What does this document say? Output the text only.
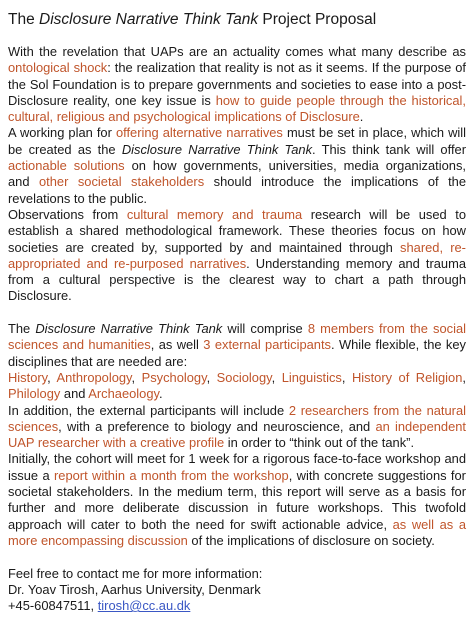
The Disclosure Narrative Think Tank Project Proposal

With the revelation that UAPs are an actuality comes what many describe as ontological shock: the realization that reality is not as it seems. If the purpose of the Sol Foundation is to prepare governments and societies to ease into a post-Disclosure reality, one key issue is how to guide people through the historical, cultural, religious and psychological implications of Disclosure.

A working plan for offering alternative narratives must be set in place, which will be created as the Disclosure Narrative Think Tank. This think tank will offer actionable solutions on how governments, universities, media organizations, and other societal stakeholders should introduce the implications of the revelations to the public.

Observations from cultural memory and trauma research will be used to establish a shared methodological framework. These theories focus on how societies are created by, supported by and maintained through shared, re-appropriated and re-purposed narratives. Understanding memory and trauma from a cultural perspective is the clearest way to chart a path through Disclosure.

The Disclosure Narrative Think Tank will comprise 8 members from the social sciences and humanities, as well 3 external participants. While flexible, the key disciplines that are needed are:

History, Anthropology, Psychology, Sociology, Linguistics, History of Religion, Philology and Archaeology.

In addition, the external participants will include 2 researchers from the natural sciences, with a preference to biology and neuroscience, and an independent UAP researcher with a creative profile in order to “think out of the tank”.

Initially, the cohort will meet for 1 week for a rigorous face-to-face workshop and issue a report within a month from the workshop, with concrete suggestions for societal stakeholders. In the medium term, this report will serve as a basis for further and more deliberate discussion in future workshops. This twofold approach will cater to both the need for swift actionable advice, as well as a more encompassing discussion of the implications of disclosure on society.

Feel free to contact me for more information:

Dr. Yoav Tirosh, Aarhus University, Denmark

+45-60847511, tirosh@cc.au.dk
